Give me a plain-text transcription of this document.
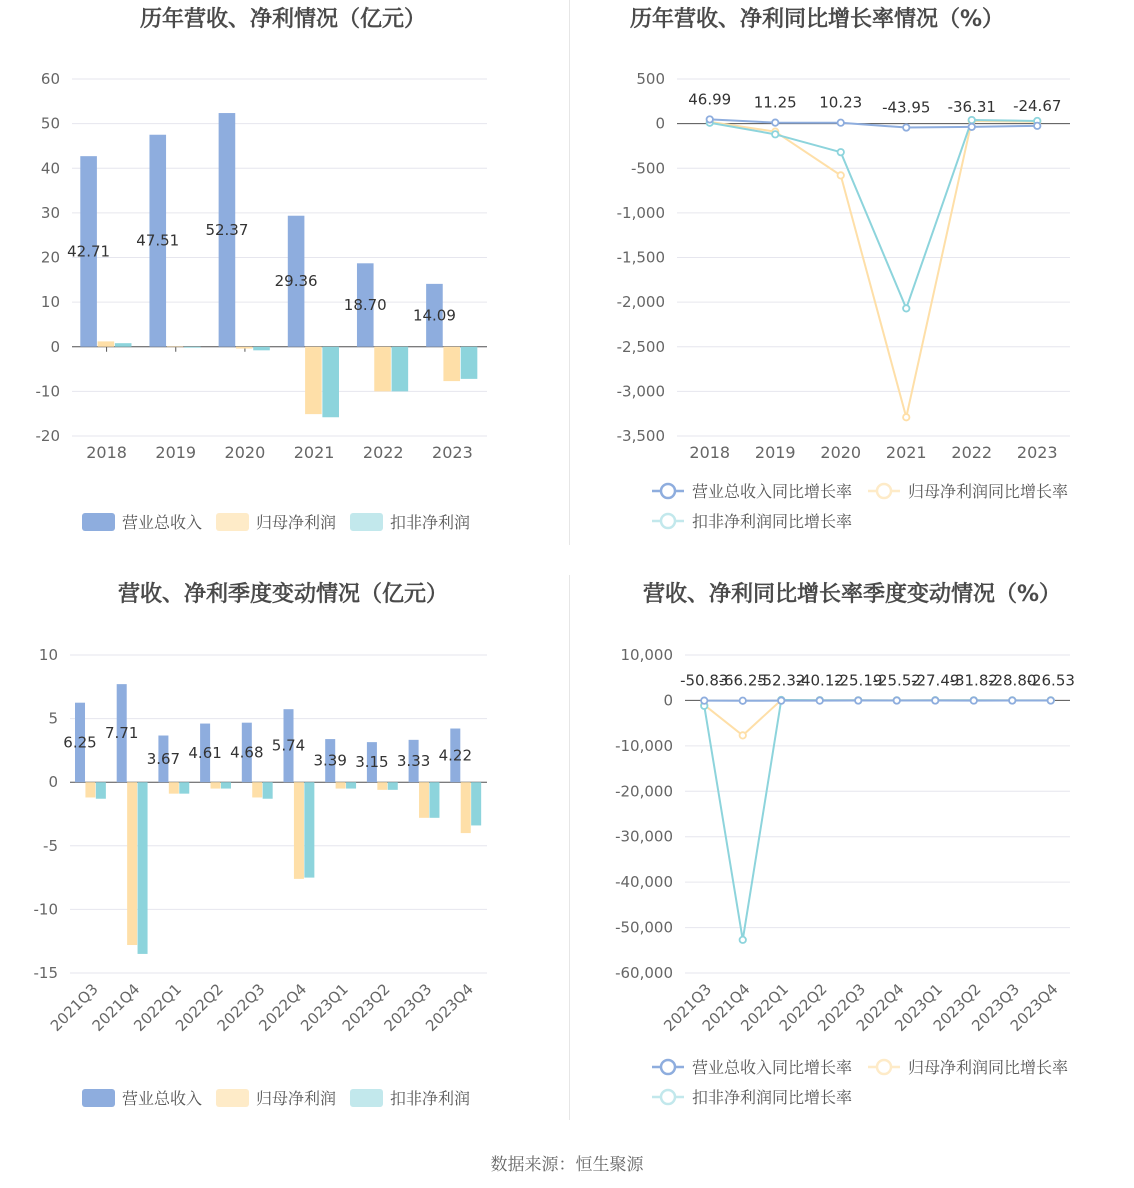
历年营收、净利情况（亿元）
-20
-10
0
10
20
30
40
50
60
2018 2019 2020 2021 2022 2023
42.71
47.51
52.37
29.36
18.70
14.09
营业总收入	归母净利润	扣非净利润
历年营收、净利同比增长率情况（%）
-3,500
-3,000
-2,500
-2,000
-1,500
-1,000
-500
0
500
2018 2019 2020 2021 2022 2023
46.99 11.25 10.23 -43.95 -36.31 -24.67
营业总收入同比增长率	归母净利润同比增长率
扣非净利润同比增长率
营收、净利季度变动情况（亿元）
-15
-10
-5
0
5
10
2021Q3
2021Q4
2022Q1
2022Q2
2022Q3
2022Q4
2023Q1
2023Q2
2023Q3
2023Q4
6.25
7.71
3.67 4.61 4.68 5.74
3.39 3.15 3.33 4.22
营业总收入	归母净利润	扣非净利润
营收、净利同比增长率季度变动情况（%）
-60,000
-50,000
-40,000
-30,000
-20,000
-10,000
0
10,000
2021Q3
2021Q4
2022Q1
2022Q2
2022Q3
2022Q4
2023Q1
2023Q2
2023Q3
2023Q4
-50.83
-66.25
-52.32
-40.12
-25.19
-25.52
-27.49
-31.82
-28.80
-26.53
营业总收入同比增长率	归母净利润同比增长率
扣非净利润同比增长率
数据来源：恒生聚源
